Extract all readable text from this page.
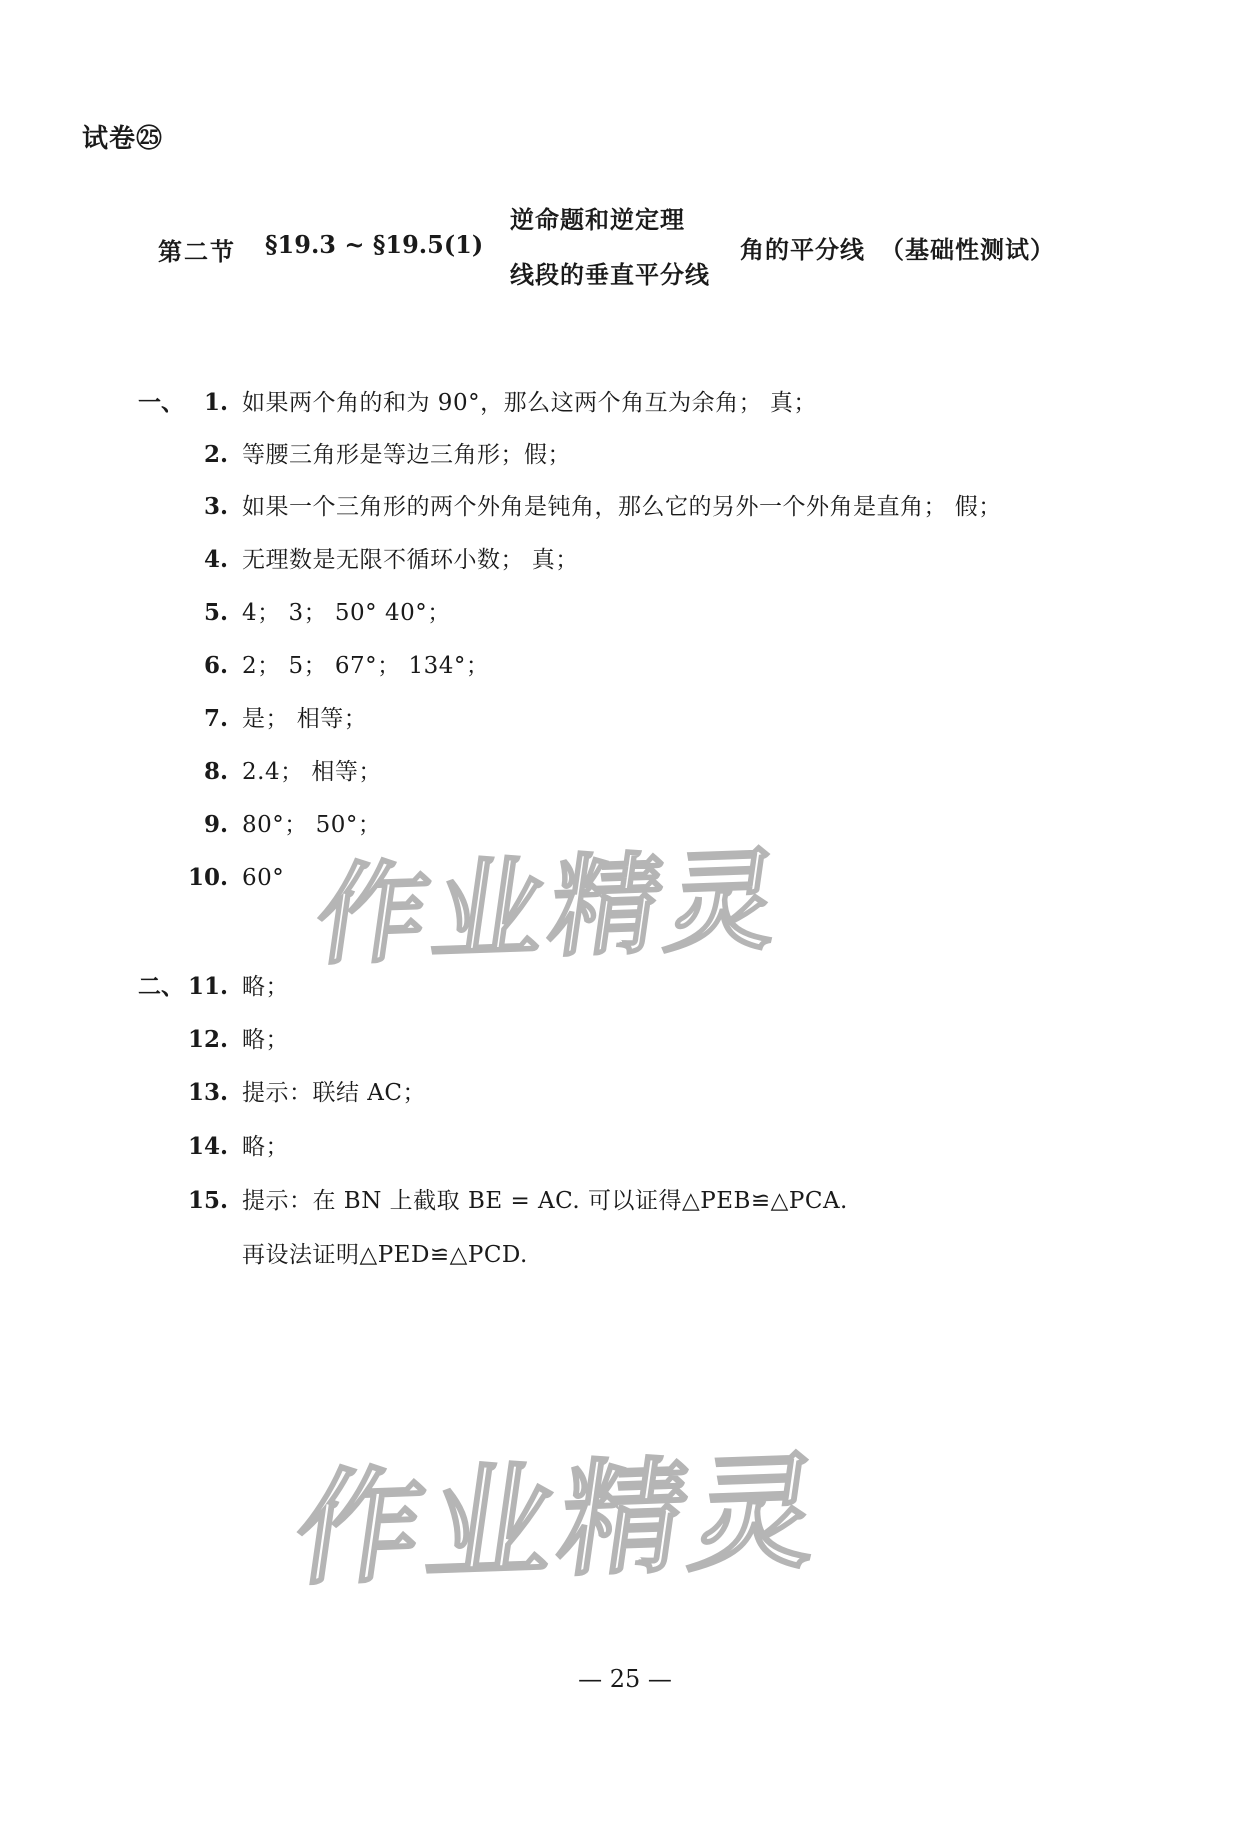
试卷㉕
第二节 §19.3 ~ §19.5(1)
逆命题和逆定理
线段的垂直平分线
角的平分线 （基础性测试）
一、 1. 如果两个角的和为 90°，那么这两个角互为余角； 真；
2. 等腰三角形是等边三角形；假；
3. 如果一个三角形的两个外角是钝角，那么它的另外一个外角是直角； 假；
4. 无理数是无限不循环小数； 真；
5. 4； 3； 50° 40°；
6. 2； 5； 67°； 134°；
7. 是； 相等；
8. 2.4； 相等；
9. 80°； 50°；
10. 60°
二、 11. 略；
12. 略；
13. 提示：联结 AC；
14. 略；
15. 提示：在 BN 上截取 BE = AC. 可以证得△PEB≌△PCA.
再设法证明△PED≌△PCD.
作业精灵
作业精灵
— 25 —
